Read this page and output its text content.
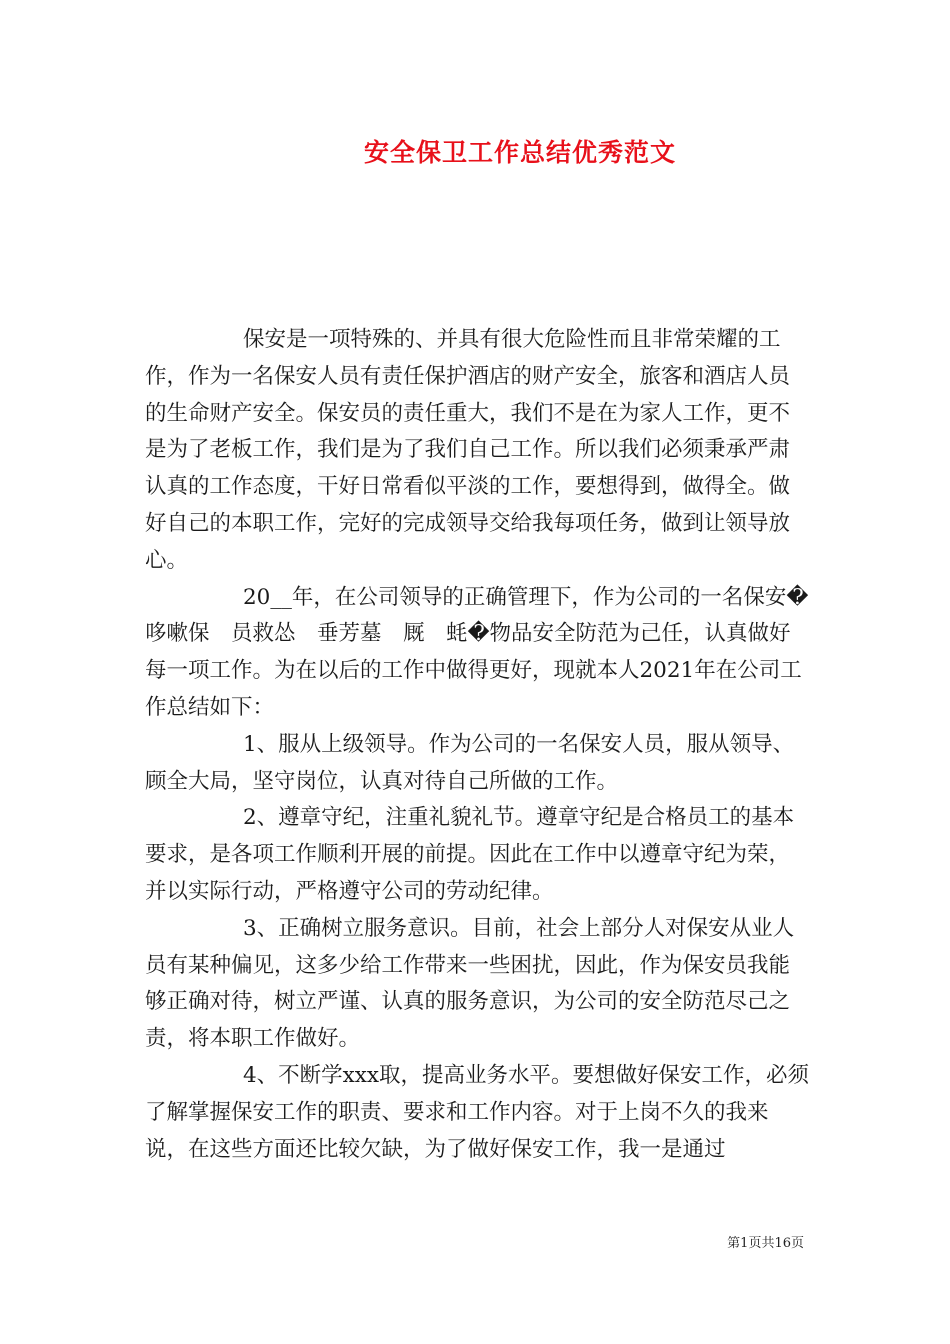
安全保卫工作总结优秀范文

保安是一项特殊的、并具有很大危险性而且非常荣耀的工作，作为一名保安人员有责任保护酒店的财产安全，旅客和酒店人员的生命财产安全。保安员的责任重大，我们不是在为家人工作，更不是为了老板工作，我们是为了我们自己工作。所以我们必须秉承严肃认真的工作态度，干好日常看似平淡的工作，要想得到，做得全。做好自己的本职工作，完好的完成领导交给我每项任务，做到让领导放心。

20__年，在公司领导的正确管理下，作为公司的一名保安�哆嗽保　员救怂　垂芳墓　厩　蚝�物品安全防范为己任，认真做好每一项工作。为在以后的工作中做得更好，现就本人2021年在公司工作总结如下：

1、服从上级领导。作为公司的一名保安人员，服从领导、顾全大局，坚守岗位，认真对待自己所做的工作。

2、遵章守纪，注重礼貌礼节。遵章守纪是合格员工的基本要求，是各项工作顺利开展的前提。因此在工作中以遵章守纪为荣，并以实际行动，严格遵守公司的劳动纪律。

3、正确树立服务意识。目前，社会上部分人对保安从业人员有某种偏见，这多少给工作带来一些困扰，因此，作为保安员我能够正确对待，树立严谨、认真的服务意识，为公司的安全防范尽己之责，将本职工作做好。

4、不断学xxx取，提高业务水平。要想做好保安工作，必须了解掌握保安工作的职责、要求和工作内容。对于上岗不久的我来说，在这些方面还比较欠缺，为了做好保安工作，我一是通过

第1页共16页
